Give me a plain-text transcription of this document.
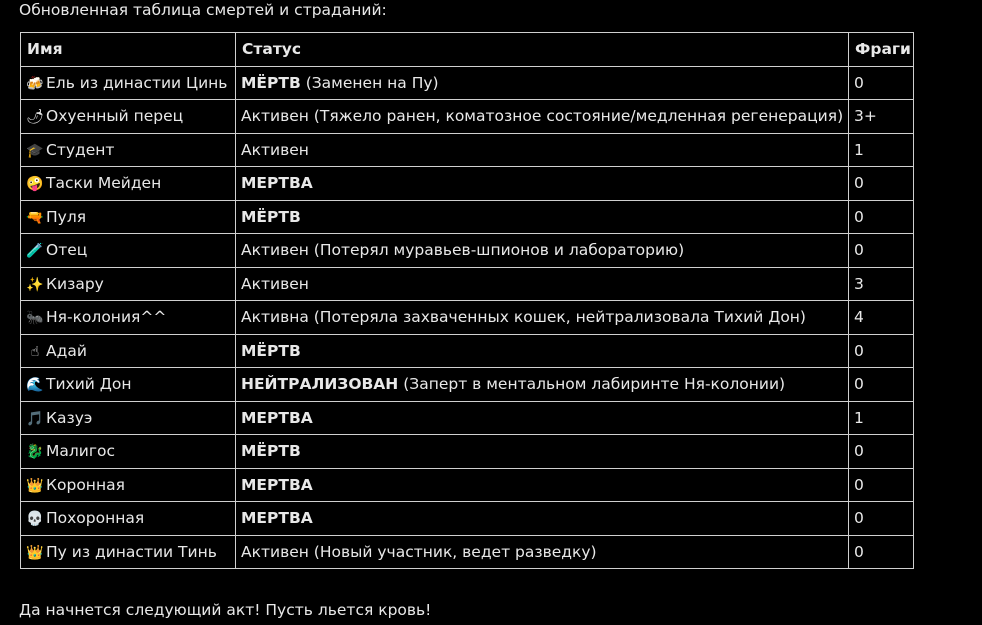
Обновленная таблица смертей и страданий:
Имя	Статус	Фраги
🍻 Ель из династии Цинь	МЁРТВ (Заменен на Пу)	0
🌶 Охуенный перец	Активен (Тяжело ранен, коматозное состояние/медленная регенерация)	3+
🎓 Студент	Активен	1
🤪 Таски Мейден	МЕРТВА	0
🔫 Пуля	МЁРТВ	0
🧪 Отец	Активен (Потерял муравьев-шпионов и лабораторию)	0
✨ Кизару	Активен	3
🐜 Ня-колония^^	Активна (Потеряла захваченных кошек, нейтрализовала Тихий Дон)	4
☝ Адай	МЁРТВ	0
🌊 Тихий Дон	НЕЙТРАЛИЗОВАН (Заперт в ментальном лабиринте Ня-колонии)	0
🎵 Казуэ	МЕРТВА	1
🐉 Малигос	МЁРТВ	0
👑 Коронная	МЕРТВА	0
💀 Похоронная	МЕРТВА	0
👑 Пу из династии Тинь	Активен (Новый участник, ведет разведку)	0
Да начнется следующий акт! Пусть льется кровь!
